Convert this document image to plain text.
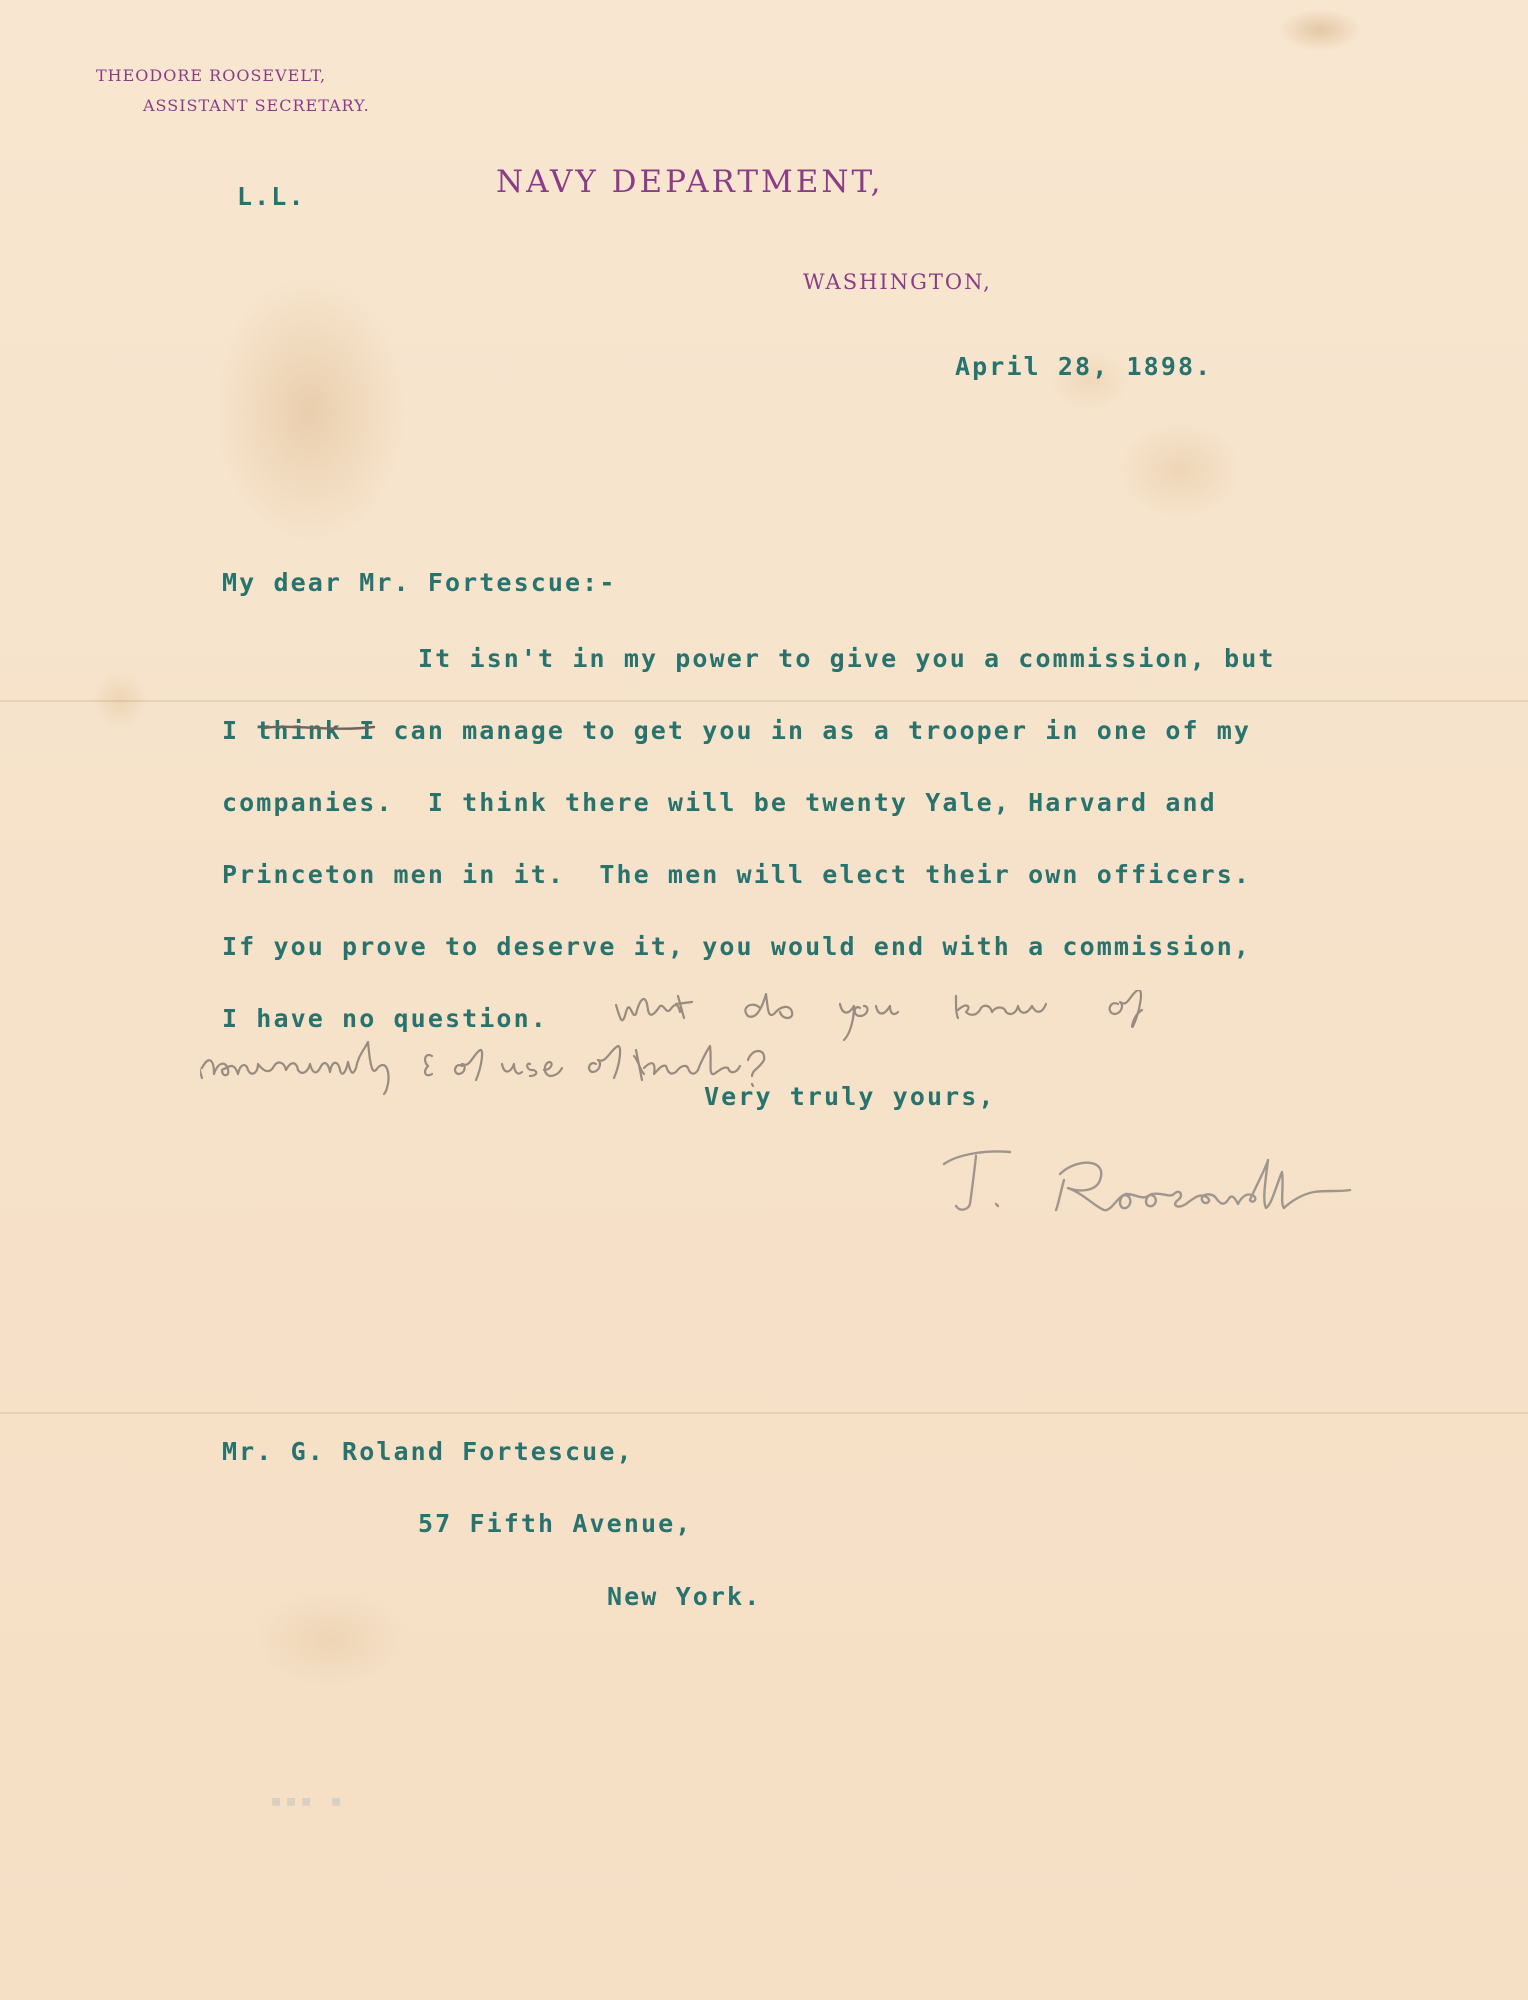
THEODORE ROOSEVELT,
ASSISTANT SECRETARY.
NAVY DEPARTMENT,
WASHINGTON,
L.L.
April 28, 1898.
My dear Mr. Fortescue:-
It isn't in my power to give you a commission, but
I think I can manage to get you in as a trooper in one of my
companies.  I think there will be twenty Yale, Harvard and
Princeton men in it.  The men will elect their own officers.
If you prove to deserve it, you would end with a commission,
I have no question.
Very truly yours,
Mr. G. Roland Fortescue,
57 Fifth Avenue,
New York.
▪▪▪ ▪
